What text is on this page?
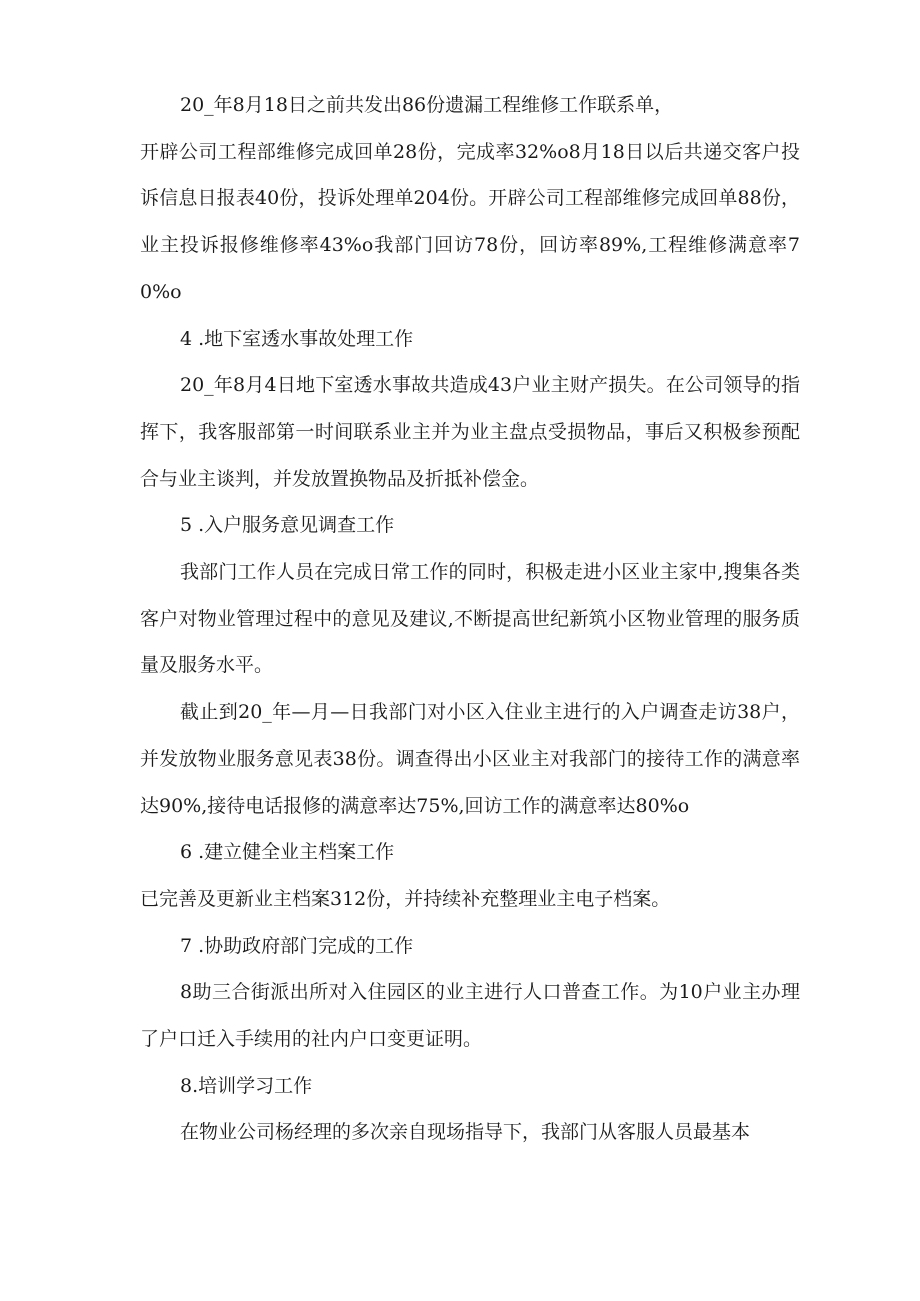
20_年8月18日之前共发出86份遗漏工程维修工作联系单，

开辟公司工程部维修完成回单28份，完成率32%o8月18日以后共递交客户投诉信息日报表40份，投诉处理单204份。开辟公司工程部维修完成回单88份，业主投诉报修维修率43%o我部门回访78份，回访率89%,工程维修满意率70%o

4 .地下室透水事故处理工作

20_年8月4日地下室透水事故共造成43户业主财产损失。在公司领导的指挥下，我客服部第一时间联系业主并为业主盘点受损物品，事后又积极参预配合与业主谈判，并发放置换物品及折抵补偿金。

5 .入户服务意见调查工作

我部门工作人员在完成日常工作的同时，积极走进小区业主家中,搜集各类客户对物业管理过程中的意见及建议,不断提高世纪新筑小区物业管理的服务质量及服务水平。

截止到20_年—月—日我部门对小区入住业主进行的入户调查走访38户，并发放物业服务意见表38份。调查得出小区业主对我部门的接待工作的满意率达90%,接待电话报修的满意率达75%,回访工作的满意率达80%o

6 .建立健全业主档案工作

已完善及更新业主档案312份，并持续补充整理业主电子档案。

7 .协助政府部门完成的工作

8助三合街派出所对入住园区的业主进行人口普查工作。为10户业主办理了户口迁入手续用的社内户口变更证明。

8.培训学习工作

在物业公司杨经理的多次亲自现场指导下，我部门从客服人员最基本
